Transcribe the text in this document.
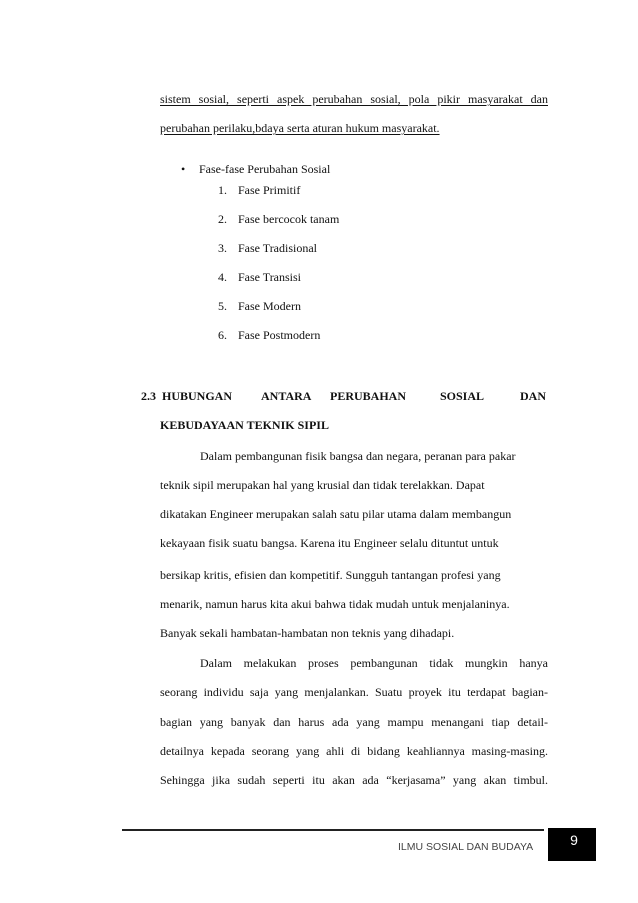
sistem sosial, seperti aspek perubahan sosial, pola pikir masyarakat dan
perubahan perilaku,bdaya serta aturan hukum masyarakat.
• Fase-fase Perubahan Sosial
1. Fase Primitif
2. Fase bercocok tanam
3. Fase Tradisional
4. Fase Transisi
5. Fase Modern
6. Fase Postmodern
2.3 HUBUNGAN ANTARA PERUBAHAN	SOSIAL	DAN
KEBUDAYAAN TEKNIK SIPIL
Dalam pembangunan fisik bangsa dan negara, peranan para pakar
teknik sipil merupakan hal yang krusial dan tidak terelakkan. Dapat
dikatakan Engineer merupakan salah satu pilar utama dalam membangun
kekayaan fisik suatu bangsa. Karena itu Engineer selalu dituntut untuk
bersikap kritis, efisien dan kompetitif. Sungguh tantangan profesi yang
menarik, namun harus kita akui bahwa tidak mudah untuk menjalaninya.
Banyak sekali hambatan-hambatan non teknis yang dihadapi.
Dalam melakukan proses pembangunan tidak mungkin hanya
seorang individu saja yang menjalankan. Suatu proyek itu terdapat bagian-
bagian yang banyak dan harus ada yang mampu menangani tiap detail-
detailnya kepada seorang yang ahli di bidang keahliannya masing-masing.
Sehingga jika sudah seperti itu akan ada “kerjasama” yang akan timbul.
ILMU SOSIAL DAN BUDAYA	9
